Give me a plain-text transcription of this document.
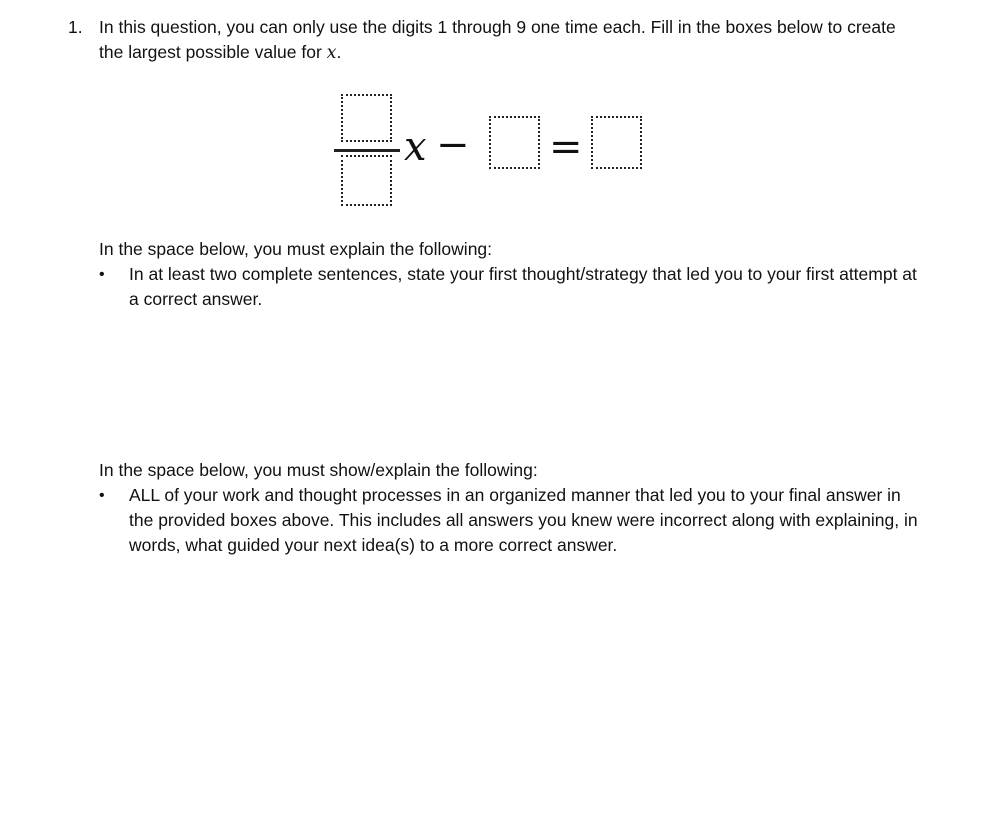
1. In this question, you can only use the digits 1 through 9 one time each. Fill in the boxes below to create the largest possible value for x.
x − =

In the space below, you must explain the following:

• In at least two complete sentences, state your first thought/strategy that led you to your first attempt at a correct answer.

In the space below, you must show/explain the following:

• ALL of your work and thought processes in an organized manner that led you to your final answer in the provided boxes above. This includes all answers you knew were incorrect along with explaining, in words, what guided your next idea(s) to a more correct answer.
